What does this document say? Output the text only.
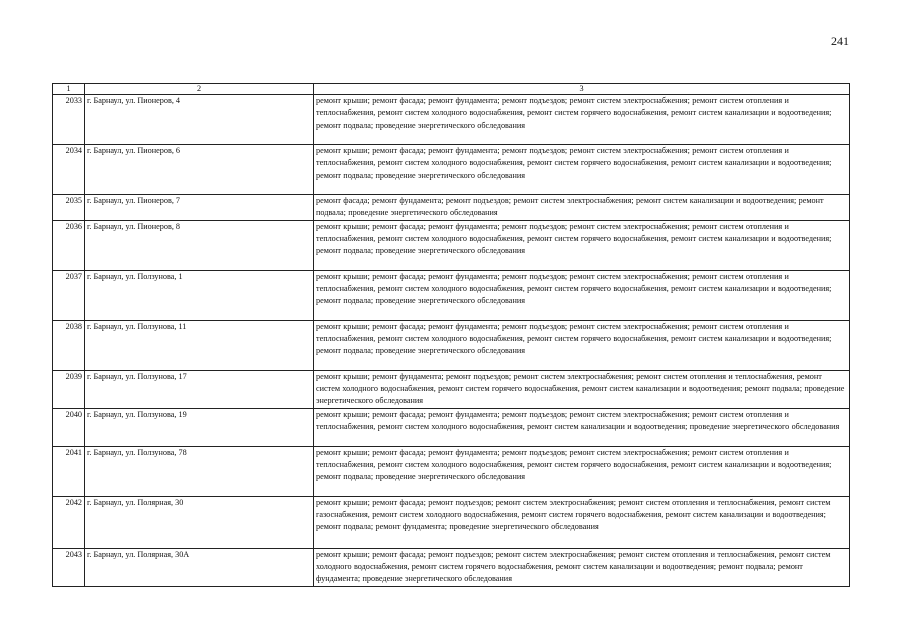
241
1	2	3
2033	г. Барнаул, ул. Пионеров, 4	ремонт крыши; ремонт фасада; ремонт фундамента; ремонт подъездов; ремонт систем электроснабжения; ремонт систем отопления и теплоснабжения, ремонт систем холодного водоснабжения, ремонт систем горячего водоснабжения, ремонт систем канализации и водоотведения; ремонт подвала; проведение энергетического обследования
2034	г. Барнаул, ул. Пионеров, 6	ремонт крыши; ремонт фасада; ремонт фундамента; ремонт подъездов; ремонт систем электроснабжения; ремонт систем отопления и теплоснабжения, ремонт систем холодного водоснабжения, ремонт систем горячего водоснабжения, ремонт систем канализации и водоотведения; ремонт подвала; проведение энергетического обследования
2035	г. Барнаул, ул. Пионеров, 7	ремонт фасада; ремонт фундамента; ремонт подъездов; ремонт систем электроснабжения; ремонт систем канализации и водоотведения; ремонт подвала; проведение энергетического обследования
2036	г. Барнаул, ул. Пионеров, 8	ремонт крыши; ремонт фасада; ремонт фундамента; ремонт подъездов; ремонт систем электроснабжения; ремонт систем отопления и теплоснабжения, ремонт систем холодного водоснабжения, ремонт систем горячего водоснабжения, ремонт систем канализации и водоотведения; ремонт подвала; проведение энергетического обследования
2037	г. Барнаул, ул. Ползунова, 1	ремонт крыши; ремонт фасада; ремонт фундамента; ремонт подъездов; ремонт систем электроснабжения; ремонт систем отопления и теплоснабжения, ремонт систем холодного водоснабжения, ремонт систем горячего водоснабжения, ремонт систем канализации и водоотведения; ремонт подвала; проведение энергетического обследования
2038	г. Барнаул, ул. Ползунова, 11	ремонт крыши; ремонт фасада; ремонт фундамента; ремонт подъездов; ремонт систем электроснабжения; ремонт систем отопления и теплоснабжения, ремонт систем холодного водоснабжения, ремонт систем горячего водоснабжения, ремонт систем канализации и водоотведения; ремонт подвала; проведение энергетического обследования
2039	г. Барнаул, ул. Ползунова, 17	ремонт крыши; ремонт фундамента; ремонт подъездов; ремонт систем электроснабжения; ремонт систем отопления и теплоснабжения, ремонт систем холодного водоснабжения, ремонт систем горячего водоснабжения, ремонт систем канализации и водоотведения; ремонт подвала; проведение энергетического обследования
2040	г. Барнаул, ул. Ползунова, 19	ремонт крыши; ремонт фасада; ремонт фундамента; ремонт подъездов; ремонт систем электроснабжения; ремонт систем отопления и теплоснабжения, ремонт систем холодного водоснабжения, ремонт систем канализации и водоотведения; проведение энергетического обследования
2041	г. Барнаул, ул. Ползунова, 78	ремонт крыши; ремонт фасада; ремонт фундамента; ремонт подъездов; ремонт систем электроснабжения; ремонт систем отопления и теплоснабжения, ремонт систем холодного водоснабжения, ремонт систем горячего водоснабжения, ремонт систем канализации и водоотведения; ремонт подвала; проведение энергетического обследования
2042	г. Барнаул, ул. Полярная, 30	ремонт крыши; ремонт фасада; ремонт подъездов; ремонт систем электроснабжения; ремонт систем отопления и теплоснабжения, ремонт систем газоснабжения, ремонт систем холодного водоснабжения, ремонт систем горячего водоснабжения, ремонт систем канализации и водоотведения; ремонт подвала; ремонт фундамента; проведение энергетического обследования
2043	г. Барнаул, ул. Полярная, 30А	ремонт крыши; ремонт фасада; ремонт подъездов; ремонт систем электроснабжения; ремонт систем отопления и теплоснабжения, ремонт систем холодного водоснабжения, ремонт систем горячего водоснабжения, ремонт систем канализации и водоотведения; ремонт подвала; ремонт фундамента; проведение энергетического обследования
